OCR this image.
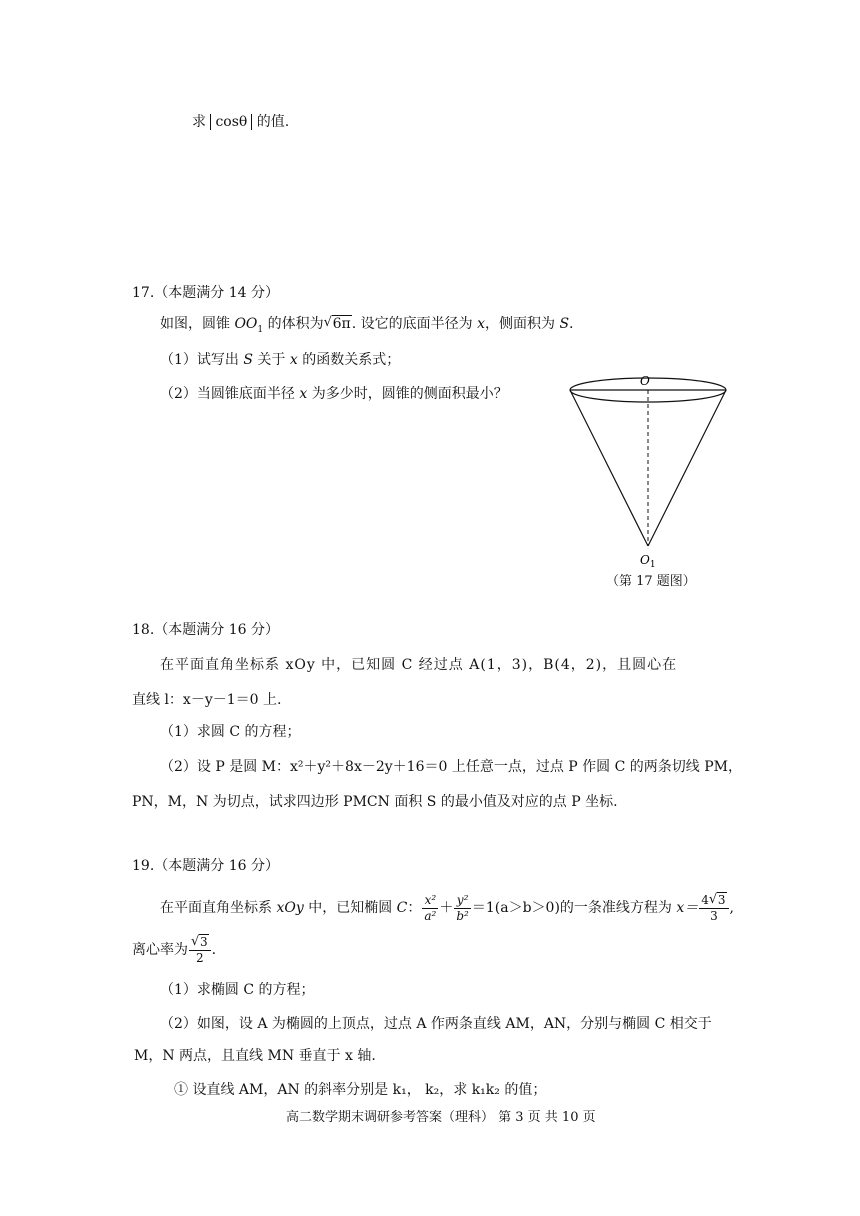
求 cosθ 的值.
17.（本题满分 14 分）
如图，圆锥 $OO_1$ 的体积为 √ 6π. 设它的底面半径为 x，侧面积为 S.
（1）试写出 S 关于 x 的函数关系式；
（2）当圆锥底面半径 x 为多少时，圆锥的侧面积最小？
O
$O_1$
（第 17 题图）
18.（本题满分 16 分）
在平面直角坐标系 xOy 中，已知圆 C 经过点 A(1，3)，B(4，2)，且圆心在
直线 l：x－y－1＝0 上.
（1）求圆 C 的方程；
（2）设 P 是圆 M：x²＋y²＋8x－2y＋16＝0 上任意一点，过点 P 作圆 C 的两条切线 PM，
PN，M，N 为切点，试求四边形 PMCN 面积 S 的最小值及对应的点 P 坐标.
19.（本题满分 16 分）
在平面直角坐标系 xOy 中，已知椭圆 C： $\frac{\text{x²}}{\text{a²}} + \frac{\text{y²}}{\text{b²}} =1(a>b>0)$的一条准线方程为 $x= \frac{4 √ 3}{3}$ ,
离心率为 √ $\frac{3}{2}$ .
（1）求椭圆 C 的方程；
（2）如图，设 A 为椭圆的上顶点，过点 A 作两条直线 AM，AN，分别与椭圆 C 相交于
M，N 两点，且直线 MN 垂直于 x 轴.
① 设直线 AM，AN 的斜率分别是 k₁， k₂，求 k₁k₂ 的值；
高二数学期末调研参考答案（理科） 第 3 页 共 10 页
